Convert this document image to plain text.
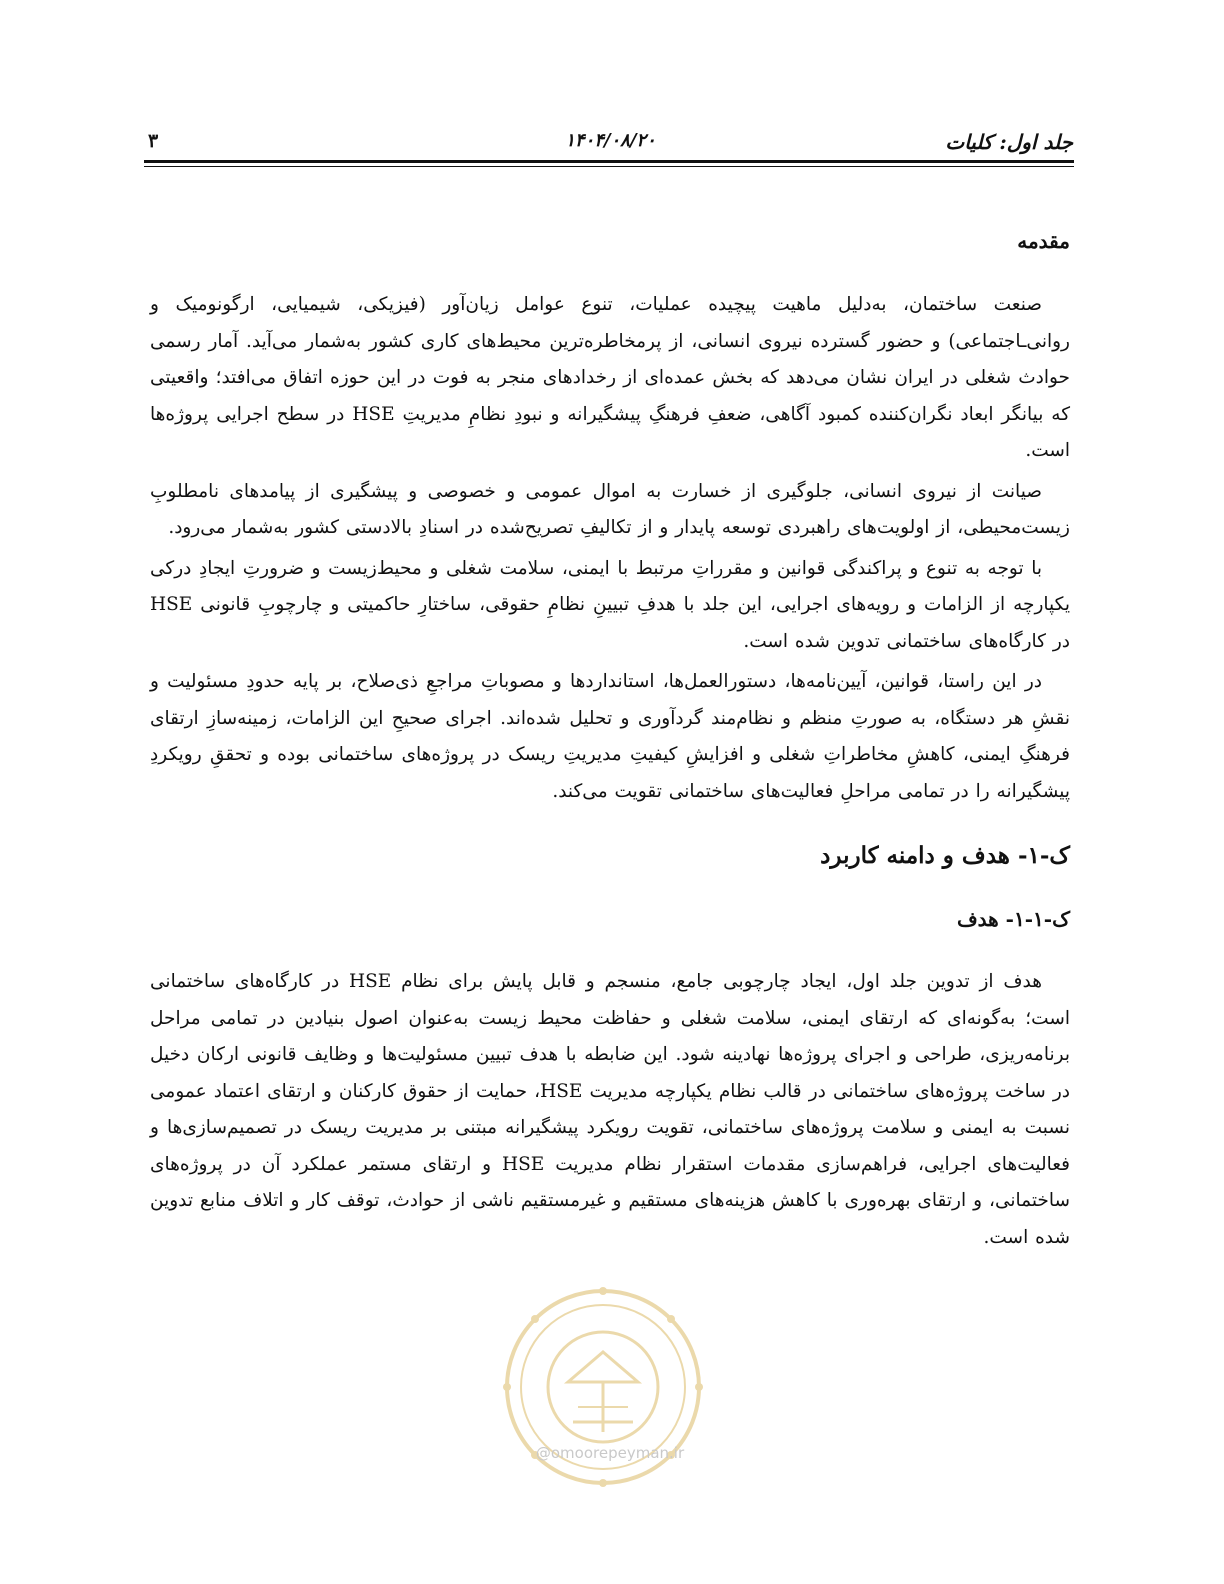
۳	۱۴۰۴/۰۸/۲۰	جلد اول: کلیات
مقدمه

صنعت ساختمان، به‌دلیل ماهیت پیچیده عملیات، تنوع عوامل زیان‌آور (فیزیکی، شیمیایی، ارگونومیک و روانی‌ـاجتماعی) و حضور گسترده نیروی انسانی، از پرمخاطره‌ترین محیط‌های کاری کشور به‌شمار می‌آید. آمار رسمی حوادث شغلی در ایران نشان می‌دهد که بخش عمده‌ای از رخدادهای منجر به فوت در این حوزه اتفاق می‌افتد؛ واقعیتی که بیانگر ابعاد نگران‌کننده کمبود آگاهی، ضعفِ فرهنگِ پیشگیرانه و نبودِ نظامِ مدیریتِ HSE در سطح اجرایی پروژه‌ها است.

صیانت از نیروی انسانی، جلوگیری از خسارت به اموال عمومی و خصوصی و پیشگیری از پیامدهای نامطلوبِ زیست‌محیطی، از اولویت‌های راهبردی توسعه پایدار و از تکالیفِ تصریح‌شده در اسنادِ بالادستی کشور به‌شمار می‌رود.

با توجه به تنوع و پراکندگی قوانین و مقرراتِ مرتبط با ایمنی، سلامت شغلی و محیط‌زیست و ضرورتِ ایجادِ درکی یکپارچه از الزامات و رویه‌های اجرایی، این جلد با هدفِ تبیینِ نظامِ حقوقی، ساختارِ حاکمیتی و چارچوبِ قانونی HSE در کارگاه‌های ساختمانی تدوین شده است.

در این راستا، قوانین، آیین‌نامه‌ها، دستورالعمل‌ها، استانداردها و مصوباتِ مراجعِ ذی‌صلاح، بر پایه حدودِ مسئولیت و نقشِ هر دستگاه، به صورتِ منظم و نظام‌مند گردآوری و تحلیل شده‌اند. اجرای صحیحِ این الزامات، زمینه‌سازِ ارتقای فرهنگِ ایمنی، کاهشِ مخاطراتِ شغلی و افزایشِ کیفیتِ مدیریتِ ریسک در پروژه‌های ساختمانی بوده و تحققِ رویکردِ پیشگیرانه را در تمامی مراحلِ فعالیت‌های ساختمانی تقویت می‌کند.

ک-۱- هدف و دامنه کاربرد
ک-۱-۱- هدف

هدف از تدوین جلد اول، ایجاد چارچوبی جامع، منسجم و قابل پایش برای نظام HSE در کارگاه‌های ساختمانی است؛ به‌گونه‌ای که ارتقای ایمنی، سلامت شغلی و حفاظت محیط زیست به‌عنوان اصول بنیادین در تمامی مراحل برنامه‌ریزی، طراحی و اجرای پروژه‌ها نهادینه شود. این ضابطه با هدف تبیین مسئولیت‌ها و وظایف قانونی ارکان دخیل در ساخت پروژه‌های ساختمانی در قالب نظام یکپارچه مدیریت HSE، حمایت از حقوق کارکنان و ارتقای اعتماد عمومی نسبت به ایمنی و سلامت پروژه‌های ساختمانی، تقویت رویکرد پیشگیرانه مبتنی بر مدیریت ریسک در تصمیم‌سازی‌ها و فعالیت‌های اجرایی، فراهم‌سازی مقدمات استقرار نظام مدیریت HSE و ارتقای مستمر عملکرد آن در پروژه‌های ساختمانی، و ارتقای بهره‌وری با کاهش هزینه‌های مستقیم و غیرمستقیم ناشی از حوادث، توقف کار و اتلاف منابع تدوین شده است.

@omoorepeyman.ir
